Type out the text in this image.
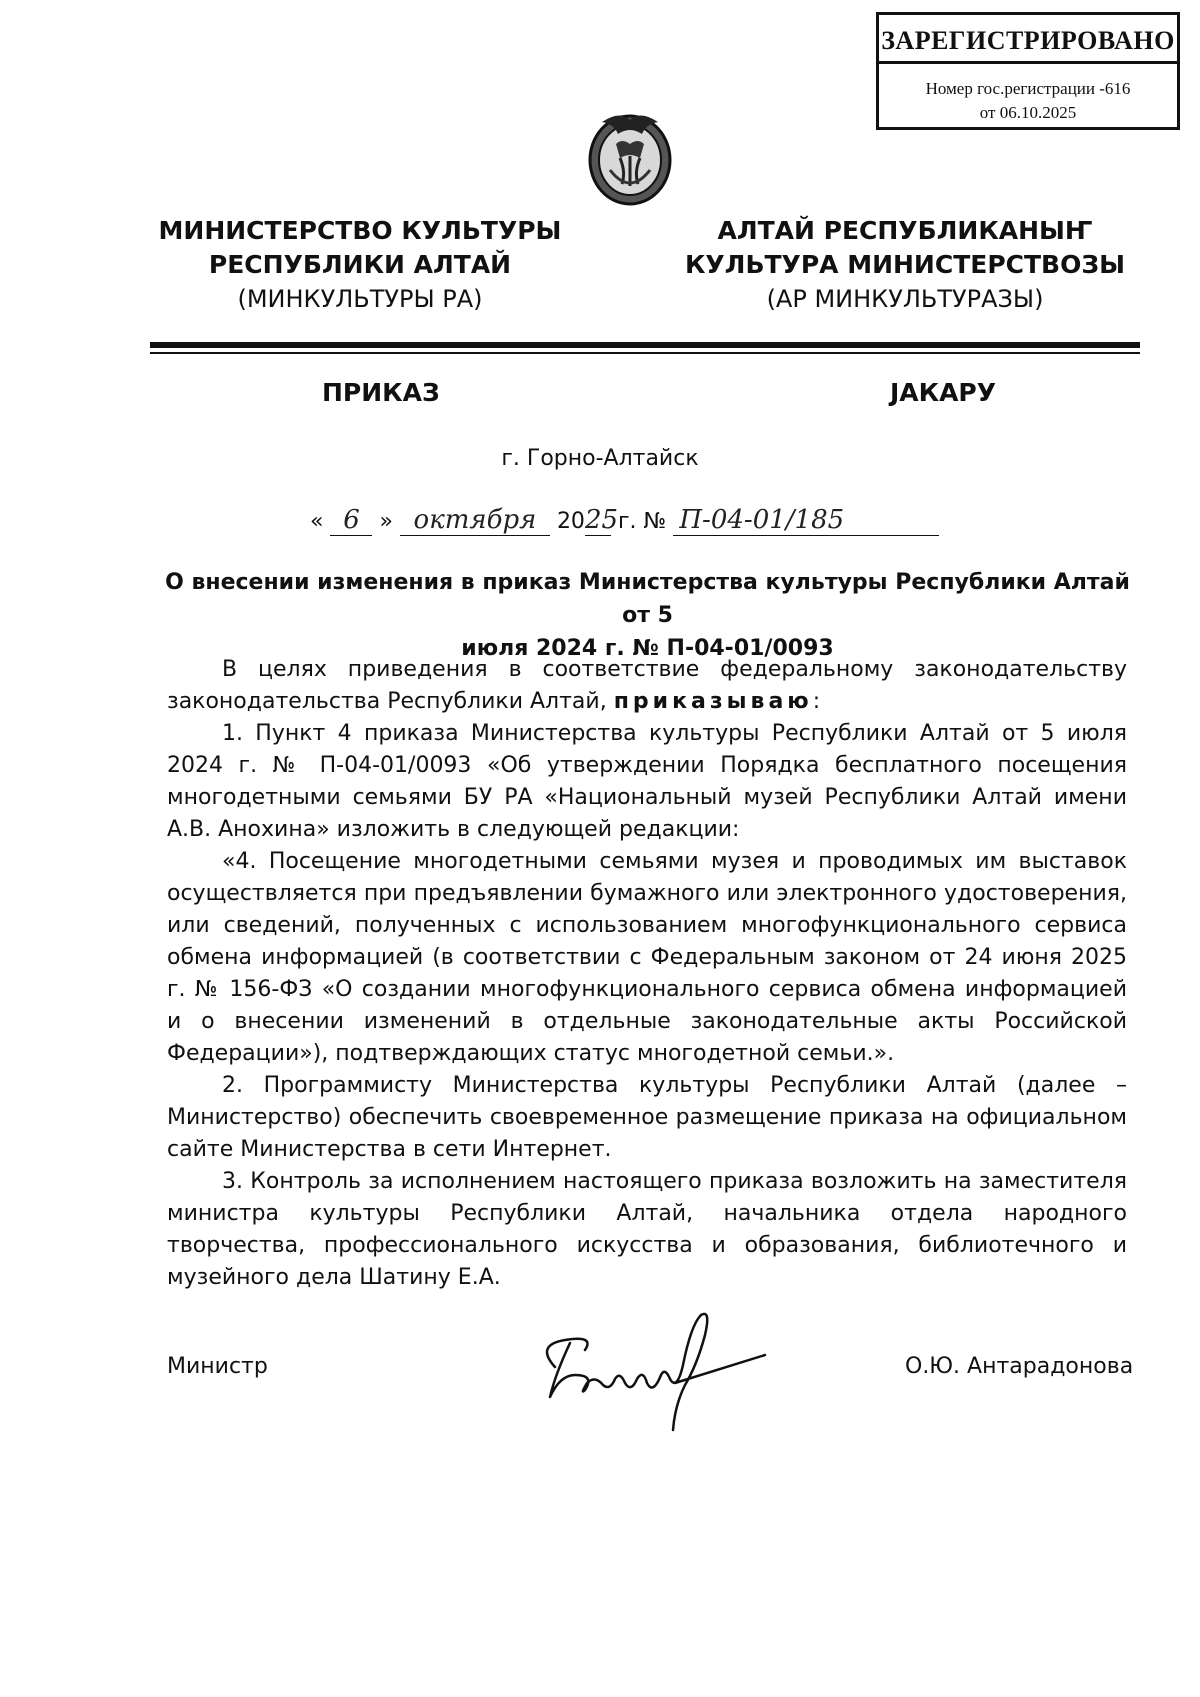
ЗАРЕГИСТРИРОВАНО
Номер гос.регистрации -616
от 06.10.2025
МИНИСТЕРСТВО КУЛЬТУРЫ
РЕСПУБЛИКИ АЛТАЙ
(МИНКУЛЬТУРЫ РА)
АЛТАЙ РЕСПУБЛИКАНЫҤ
КУЛЬТУРА МИНИСТЕРСТВОЗЫ
(АР МИНКУЛЬТУРАЗЫ)
ПРИКАЗ	ЈАКАРУ
г. Горно-Алтайск
« 6 » октября 2025 г. № П-04-01/185
О внесении изменения в приказ Министерства культуры Республики Алтай от 5
июля 2024 г. № П-04-01/0093

В целях приведения в соответствие федеральному законодательству законодательства Республики Алтай, приказываю:

1. Пункт 4 приказа Министерства культуры Республики Алтай от 5 июля 2024 г. № П-04-01/0093 «Об утверждении Порядка бесплатного посещения многодетными семьями БУ РА «Национальный музей Республики Алтай имени А.В. Анохина» изложить в следующей редакции:

«4. Посещение многодетными семьями музея и проводимых им выставок осуществляется при предъявлении бумажного или электронного удостоверения, или сведений, полученных с использованием многофункционального сервиса обмена информацией (в соответствии с Федеральным законом от 24 июня 2025 г. № 156-ФЗ «О создании многофункционального сервиса обмена информацией и о внесении изменений в отдельные законодательные акты Российской Федерации»), подтверждающих статус многодетной семьи.».

2. Программисту Министерства культуры Республики Алтай (далее – Министерство) обеспечить своевременное размещение приказа на официальном сайте Министерства в сети Интернет.

3. Контроль за исполнением настоящего приказа возложить на заместителя министра культуры Республики Алтай, начальника отдела народного творчества, профессионального искусства и образования, библиотечного и музейного дела Шатину Е.А.

Министр	О.Ю. Антарадонова
